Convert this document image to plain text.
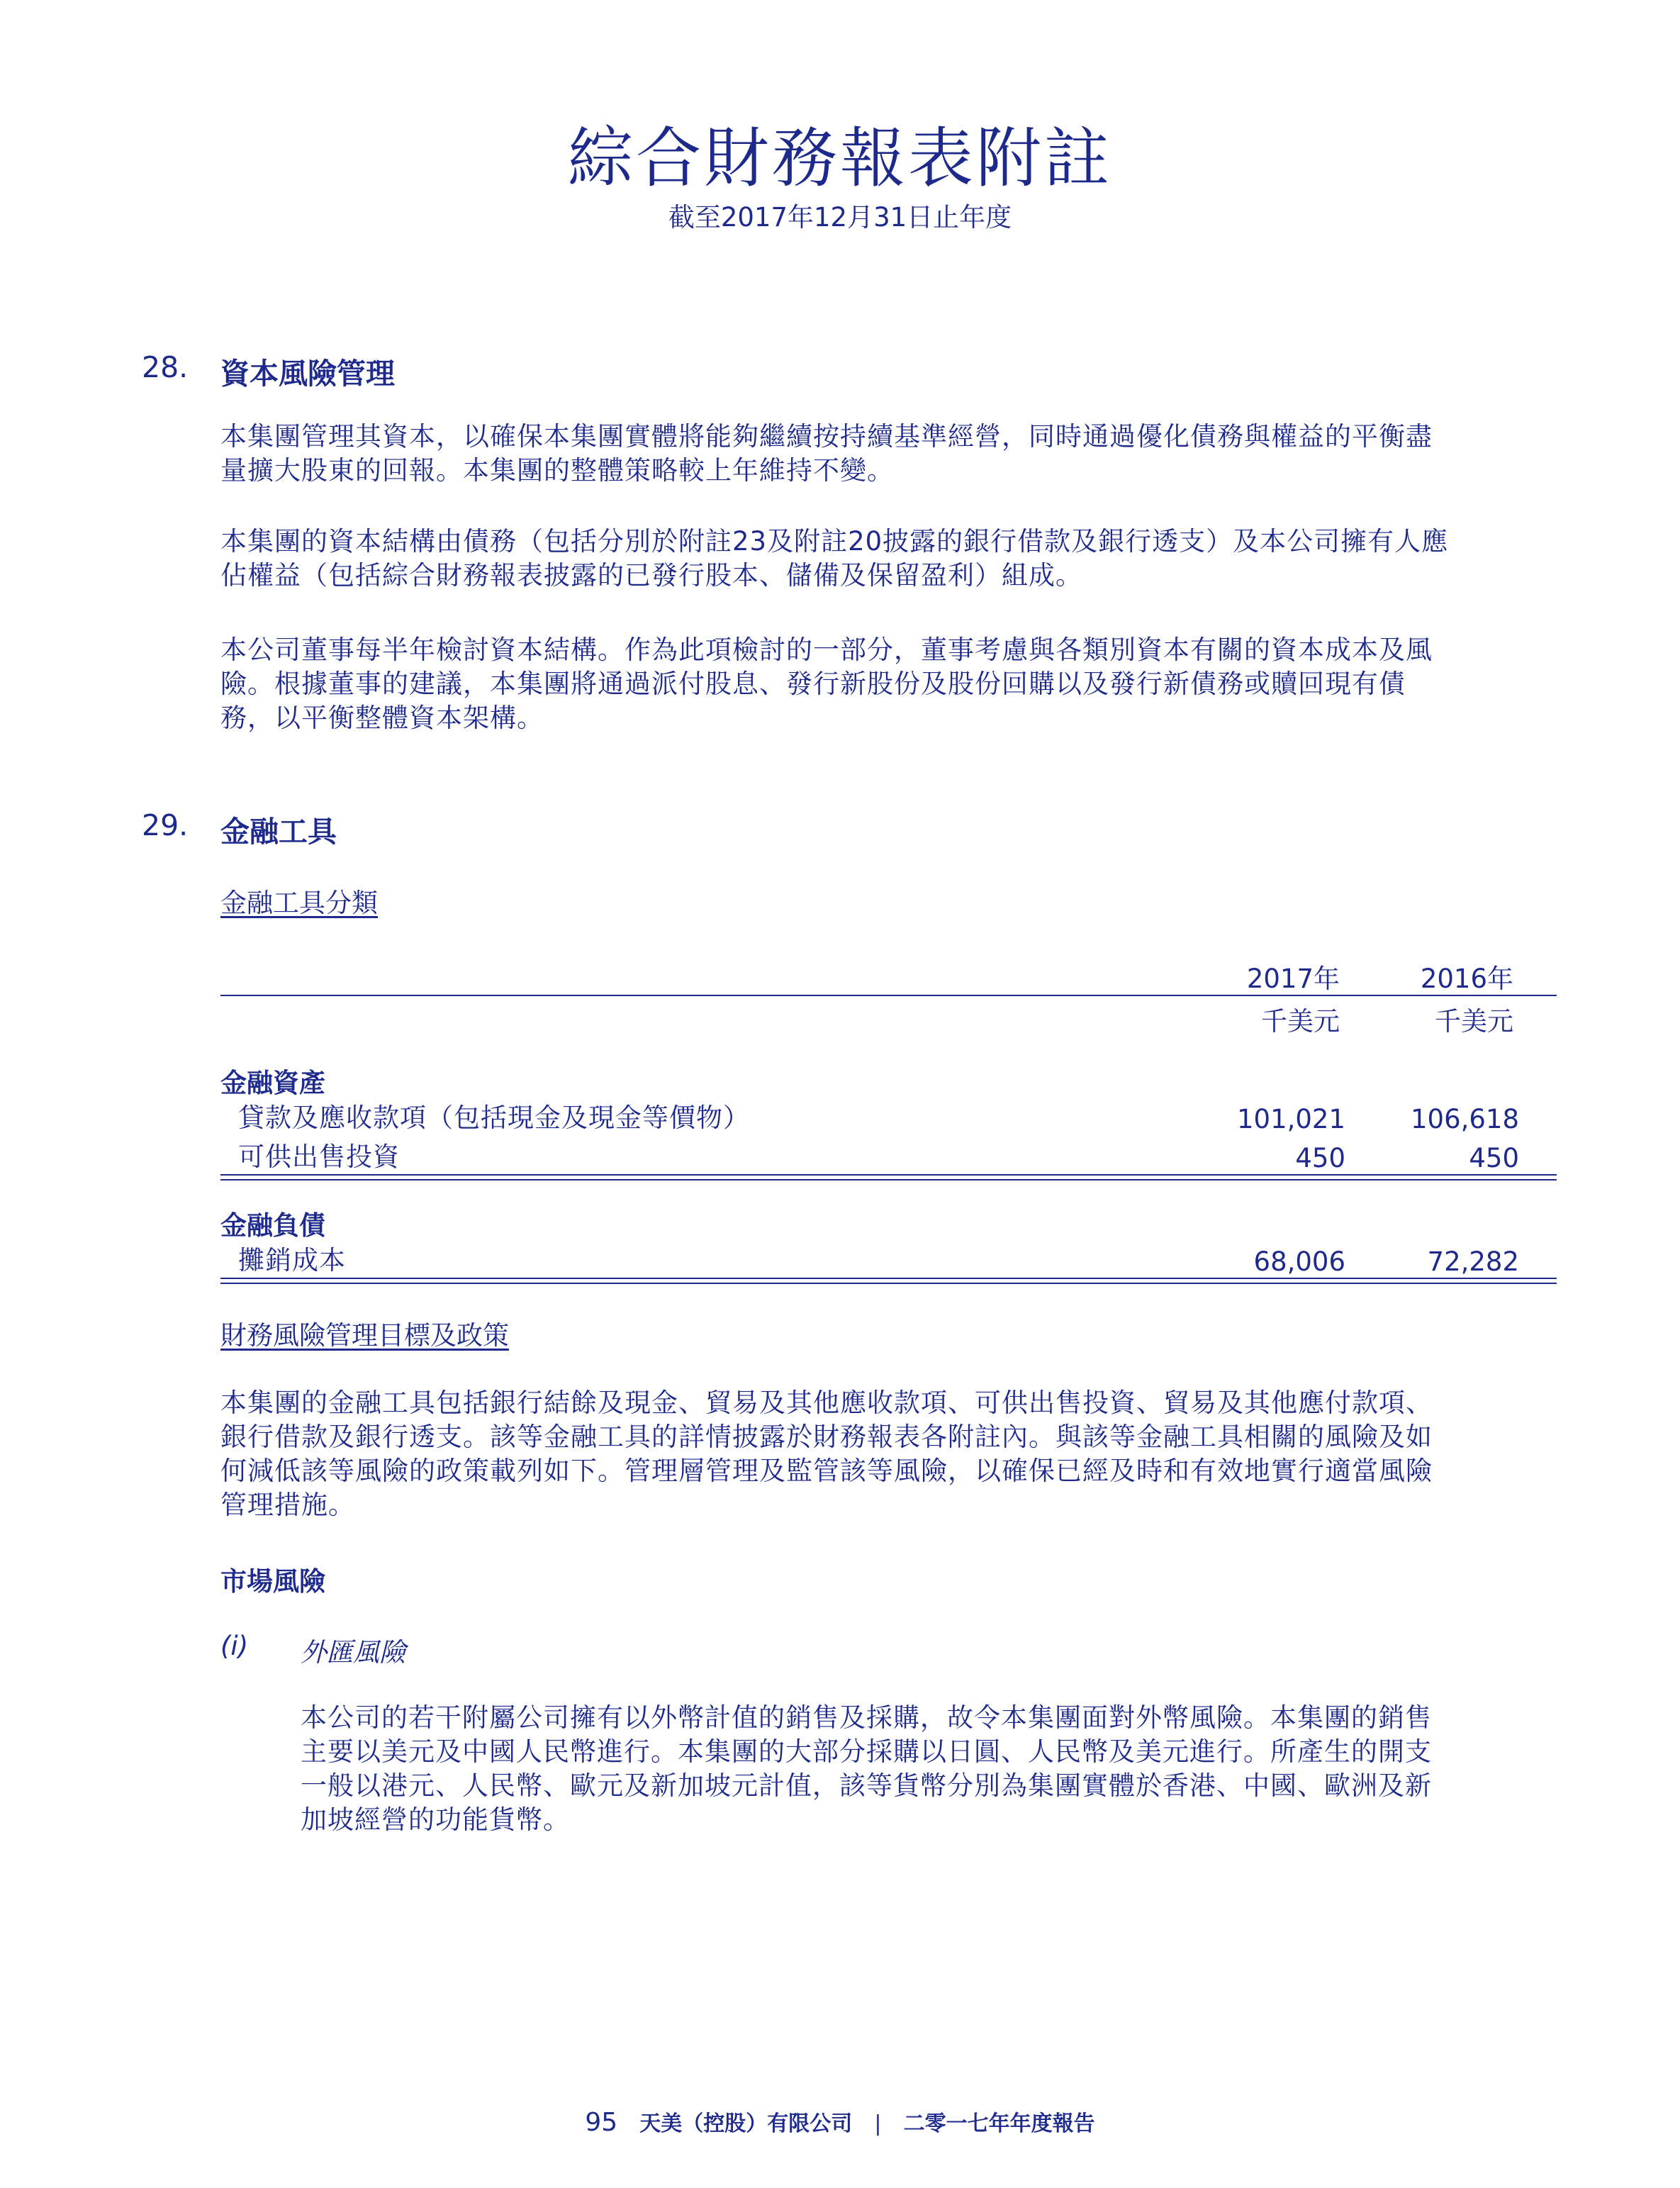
綜合財務報表附註
截至2017年12月31日止年度
28. 資本風險管理
本集團管理其資本，以確保本集團實體將能夠繼續按持續基準經營，同時通過優化債務與權益的平衡盡
量擴大股東的回報。本集團的整體策略較上年維持不變。
本集團的資本結構由債務（包括分別於附註23及附註20披露的銀行借款及銀行透支）及本公司擁有人應
佔權益（包括綜合財務報表披露的已發行股本、儲備及保留盈利）組成。
本公司董事每半年檢討資本結構。作為此項檢討的一部分，董事考慮與各類別資本有關的資本成本及風
險。根據董事的建議，本集團將通過派付股息、發行新股份及股份回購以及發行新債務或贖回現有債
務，以平衡整體資本架構。
29. 金融工具
金融工具分類
2017年	2016年
千美元	千美元
金融資產
貸款及應收款項（包括現金及現金等價物）	101,021	106,618
可供出售投資	450	450
金融負債
攤銷成本	68,006	72,282
財務風險管理目標及政策
本集團的金融工具包括銀行結餘及現金、貿易及其他應收款項、可供出售投資、貿易及其他應付款項、
銀行借款及銀行透支。該等金融工具的詳情披露於財務報表各附註內。與該等金融工具相關的風險及如
何減低該等風險的政策載列如下。管理層管理及監管該等風險，以確保已經及時和有效地實行適當風險
管理措施。
市場風險
(i) 外匯風險
本公司的若干附屬公司擁有以外幣計值的銷售及採購，故令本集團面對外幣風險。本集團的銷售
主要以美元及中國人民幣進行。本集團的大部分採購以日圓、人民幣及美元進行。所產生的開支
一般以港元、人民幣、歐元及新加坡元計值，該等貨幣分別為集團實體於香港、中國、歐洲及新
加坡經營的功能貨幣。
95 天美（控股）有限公司 | 二零一七年年度報告
